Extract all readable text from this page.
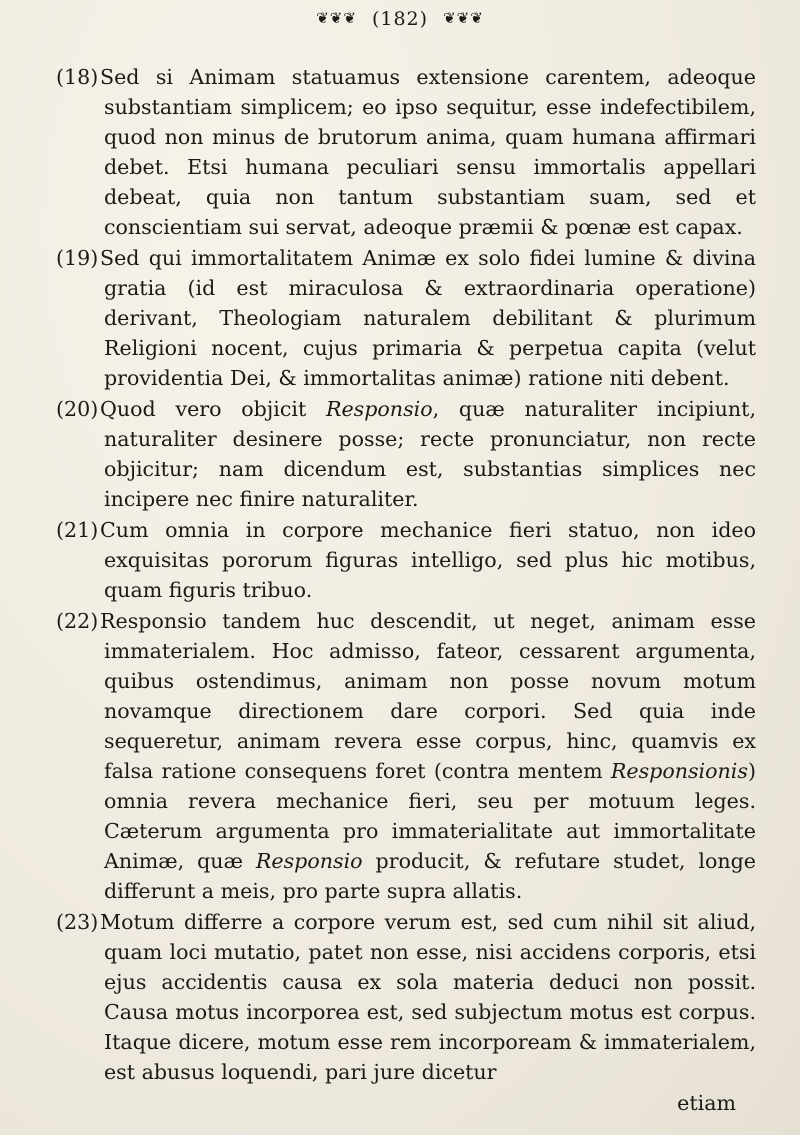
❦❦❦ (182) ❦❦❦

(18)Sed si Animam statuamus extensione carentem, adeoque substantiam simplicem; eo ipso sequitur, esse indefectibilem, quod non minus de brutorum anima, quam humana affirmari debet. Etsi humana peculiari sensu immortalis appellari debeat, quia non tantum substantiam suam, sed et conscientiam sui servat, adeoque præmii & pœnæ est capax.

(19)Sed qui immortalitatem Animæ ex solo fidei lumine & divina gratia (id est miraculosa & extraordinaria operatione) derivant, Theologiam naturalem debilitant & plurimum Religioni nocent, cujus primaria & perpetua capita (velut providentia Dei, & immortalitas animæ) ratione niti debent.

(20)Quod vero objicit Responsio, quæ naturaliter incipiunt, naturaliter desinere posse; recte pronunciatur, non recte objicitur; nam dicendum est, substantias simplices nec incipere nec finire naturaliter.

(21)Cum omnia in corpore mechanice fieri statuo, non ideo exquisitas pororum figuras intelligo, sed plus hic motibus, quam figuris tribuo.

(22)Responsio tandem huc descendit, ut neget, animam esse immaterialem. Hoc admisso, fateor, cessarent argumenta, quibus ostendimus, animam non posse novum motum novamque directionem dare corpori. Sed quia inde sequeretur, animam revera esse corpus, hinc, quamvis ex falsa ratione consequens foret (contra mentem Responsionis) omnia revera mechanice fieri, seu per motuum leges. Cæterum argumenta pro immaterialitate aut immortalitate Animæ, quæ Responsio producit, & refutare studet, longe differunt a meis, pro parte supra allatis.

(23)Motum differre a corpore verum est, sed cum nihil sit aliud, quam loci mutatio, patet non esse, nisi accidens corporis, etsi ejus accidentis causa ex sola materia deduci non possit. Causa motus incorporea est, sed subjectum motus est corpus. Itaque dicere, motum esse rem incorpoream & immaterialem, est abusus loquendi, pari jure dicetur

etiam
